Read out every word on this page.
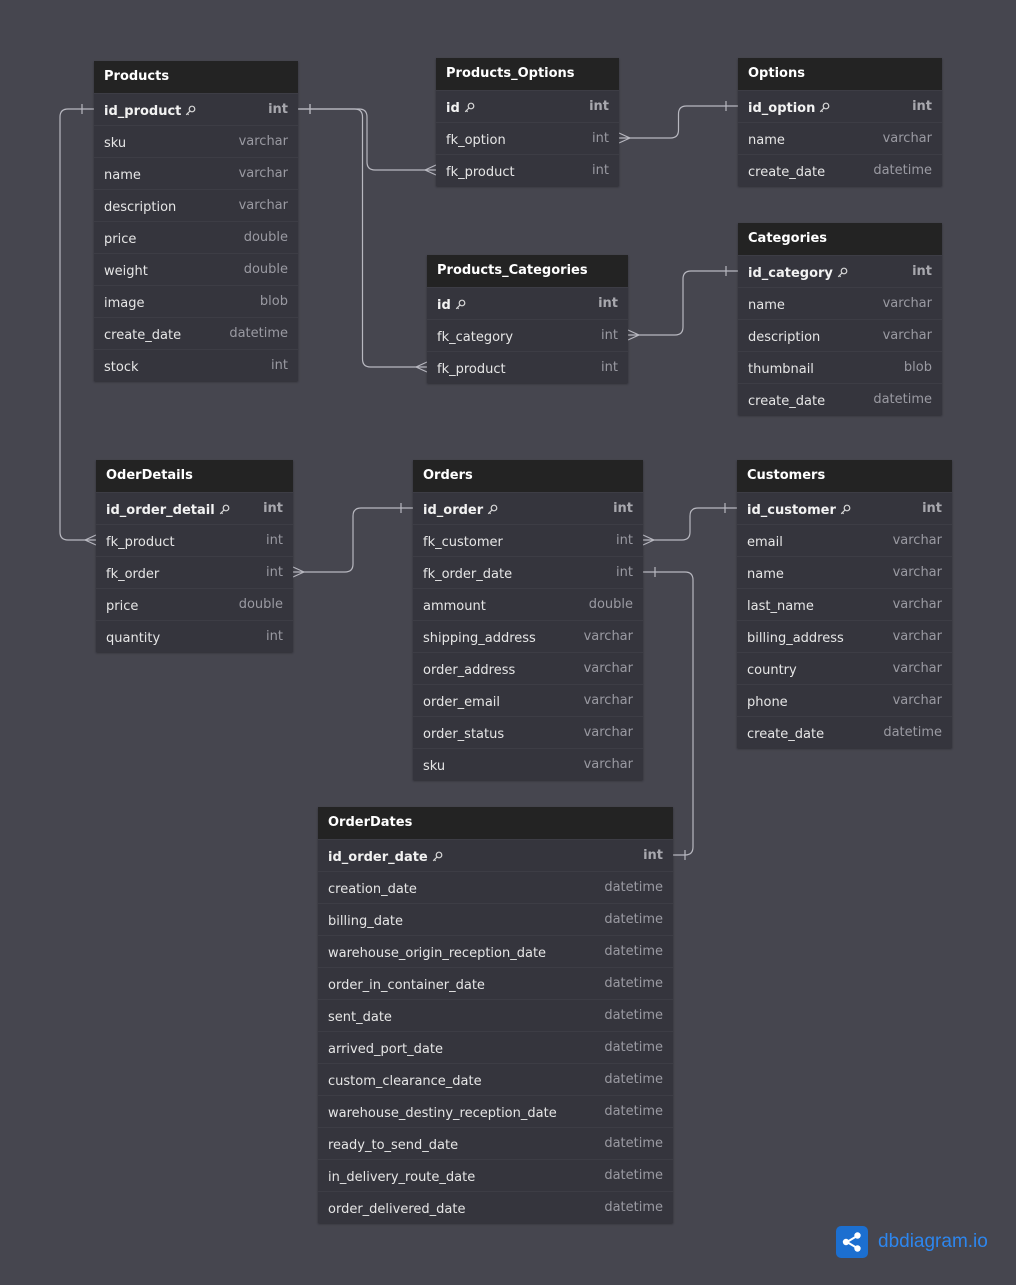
Products
id_product	int
sku	varchar
name	varchar
description	varchar
price	double
weight	double
image	blob
create_date	datetime
stock	int
Products_Options
id	int
fk_option	int
fk_product	int
Options
id_option	int
name	varchar
create_date	datetime
Products_Categories
id	int
fk_category	int
fk_product	int
Categories
id_category	int
name	varchar
description	varchar
thumbnail	blob
create_date	datetime
OderDetails
id_order_detail	int
fk_product	int
fk_order	int
price	double
quantity	int
Orders
id_order	int
fk_customer	int
fk_order_date	int
ammount	double
shipping_address	varchar
order_address	varchar
order_email	varchar
order_status	varchar
sku	varchar
Customers
id_customer	int
email	varchar
name	varchar
last_name	varchar
billing_address	varchar
country	varchar
phone	varchar
create_date	datetime
OrderDates
id_order_date	int
creation_date	datetime
billing_date	datetime
warehouse_origin_reception_date	datetime
order_in_container_date	datetime
sent_date	datetime
arrived_port_date	datetime
custom_clearance_date	datetime
warehouse_destiny_reception_date	datetime
ready_to_send_date	datetime
in_delivery_route_date	datetime
order_delivered_date	datetime
dbdiagram.io
